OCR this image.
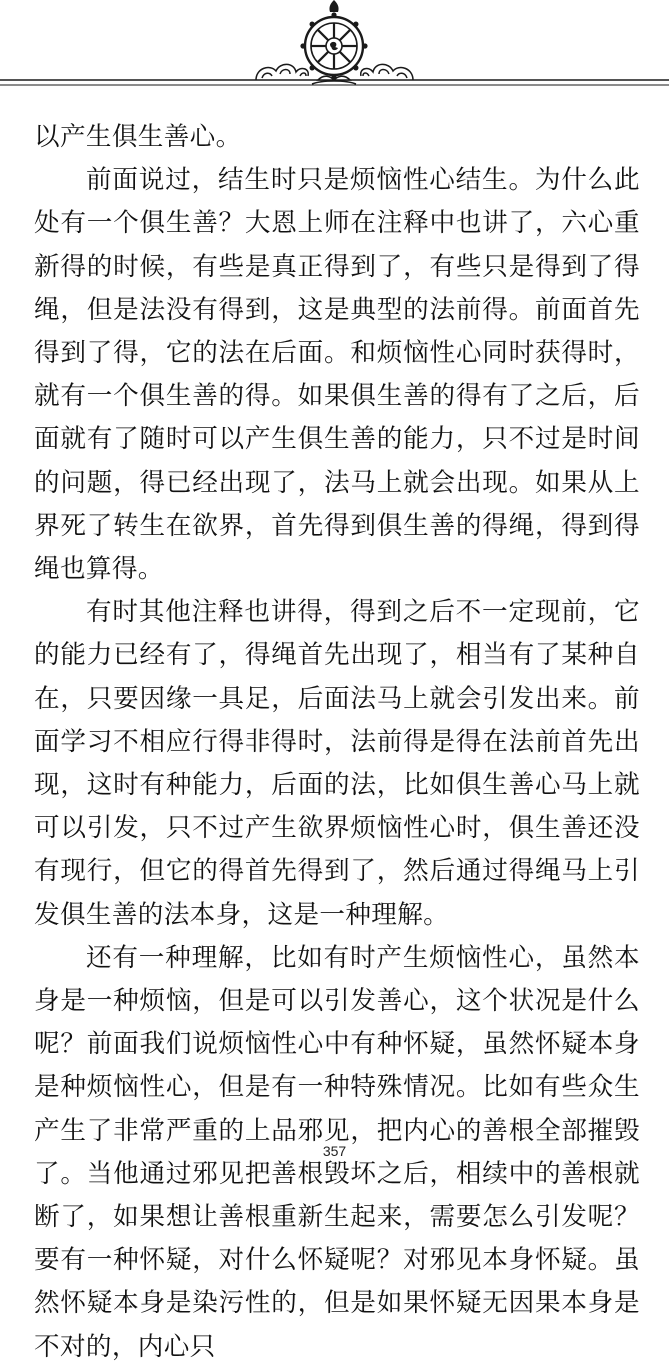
以产生俱生善心。

前面说过，结生时只是烦恼性心结生。为什么此处有一个俱生善？大恩上师在注释中也讲了，六心重新得的时候，有些是真正得到了，有些只是得到了得绳，但是法没有得到，这是典型的法前得。前面首先得到了得，它的法在后面。和烦恼性心同时获得时，就有一个俱生善的得。如果俱生善的得有了之后，后面就有了随时可以产生俱生善的能力，只不过是时间的问题，得已经出现了，法马上就会出现。如果从上界死了转生在欲界，首先得到俱生善的得绳，得到得绳也算得。

有时其他注释也讲得，得到之后不一定现前，它的能力已经有了，得绳首先出现了，相当有了某种自在，只要因缘一具足，后面法马上就会引发出来。前面学习不相应行得非得时，法前得是得在法前首先出现，这时有种能力，后面的法，比如俱生善心马上就可以引发，只不过产生欲界烦恼性心时，俱生善还没有现行，但它的得首先得到了，然后通过得绳马上引发俱生善的法本身，这是一种理解。

还有一种理解，比如有时产生烦恼性心，虽然本身是一种烦恼，但是可以引发善心，这个状况是什么呢？前面我们说烦恼性心中有种怀疑，虽然怀疑本身是种烦恼性心，但是有一种特殊情况。比如有些众生产生了非常严重的上品邪见，把内心的善根全部摧毁了。当他通过邪见把善根毁坏之后，相续中的善根就断了，如果想让善根重新生起来，需要怎么引发呢？要有一种怀疑，对什么怀疑呢？对邪见本身怀疑。虽然怀疑本身是染污性的，但是如果怀疑无因果本身是不对的，内心只

357
